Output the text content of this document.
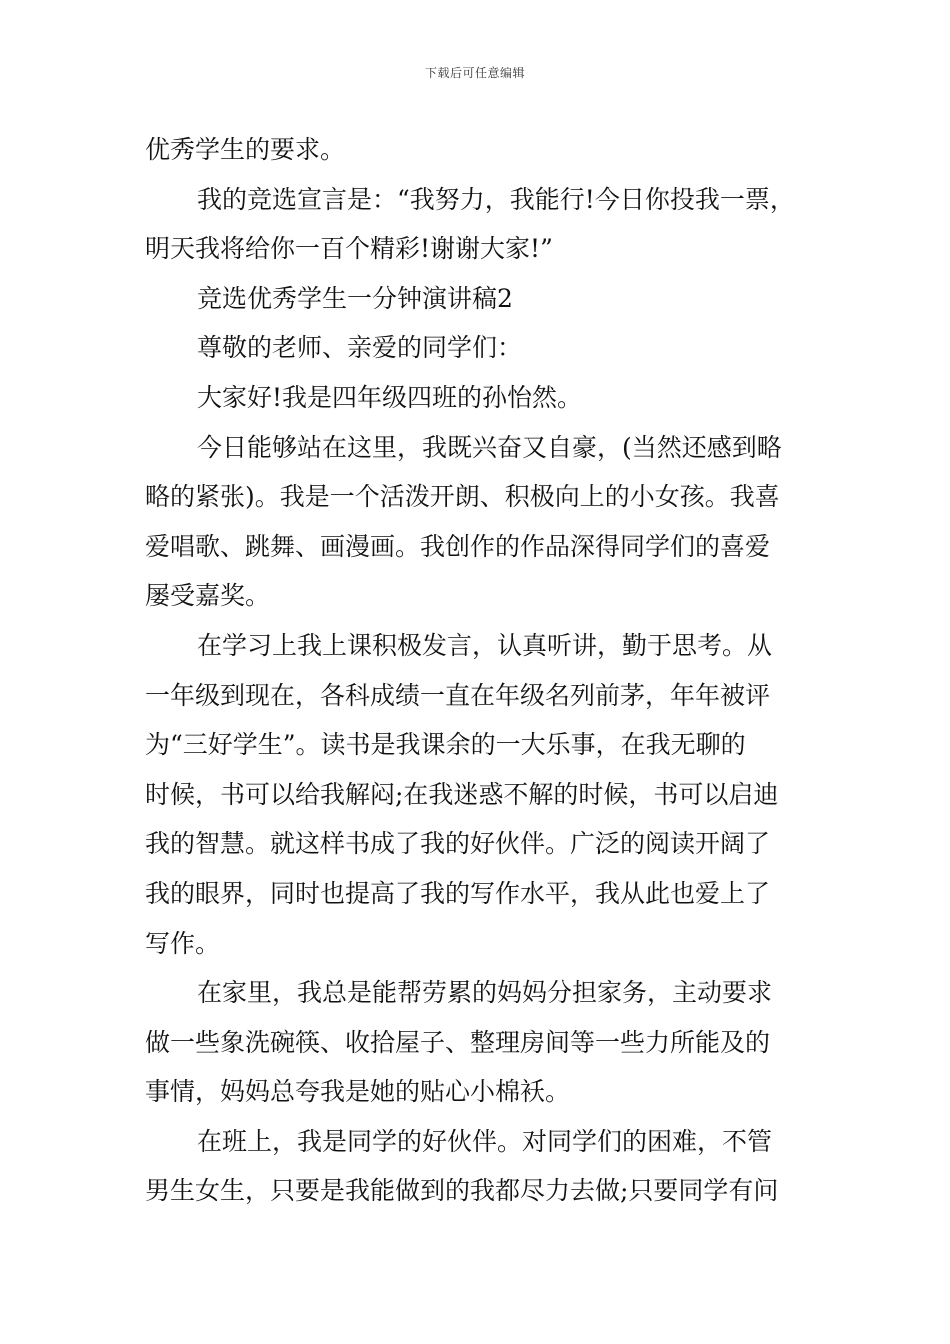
下载后可任意编辑
优秀学生的要求。
我的竞选宣言是：“我努力，我能行!今日你投我一票，
明天我将给你一百个精彩!谢谢大家!”
竞选优秀学生一分钟演讲稿2
尊敬的老师、亲爱的同学们：
大家好!我是四年级四班的孙怡然。
今日能够站在这里，我既兴奋又自豪，(当然还感到略
略的紧张)。我是一个活泼开朗、积极向上的小女孩。我喜
爱唱歌、跳舞、画漫画。我创作的作品深得同学们的喜爱
屡受嘉奖。
在学习上我上课积极发言，认真听讲，勤于思考。从
一年级到现在，各科成绩一直在年级名列前茅，年年被评
为“三好学生”。读书是我课余的一大乐事，在我无聊的
时候，书可以给我解闷;在我迷惑不解的时候，书可以启迪
我的智慧。就这样书成了我的好伙伴。广泛的阅读开阔了
我的眼界，同时也提高了我的写作水平，我从此也爱上了
写作。
在家里，我总是能帮劳累的妈妈分担家务，主动要求
做一些象洗碗筷、收拾屋子、整理房间等一些力所能及的
事情，妈妈总夸我是她的贴心小棉袄。
在班上，我是同学的好伙伴。对同学们的困难，不管
男生女生，只要是我能做到的我都尽力去做;只要同学有问
